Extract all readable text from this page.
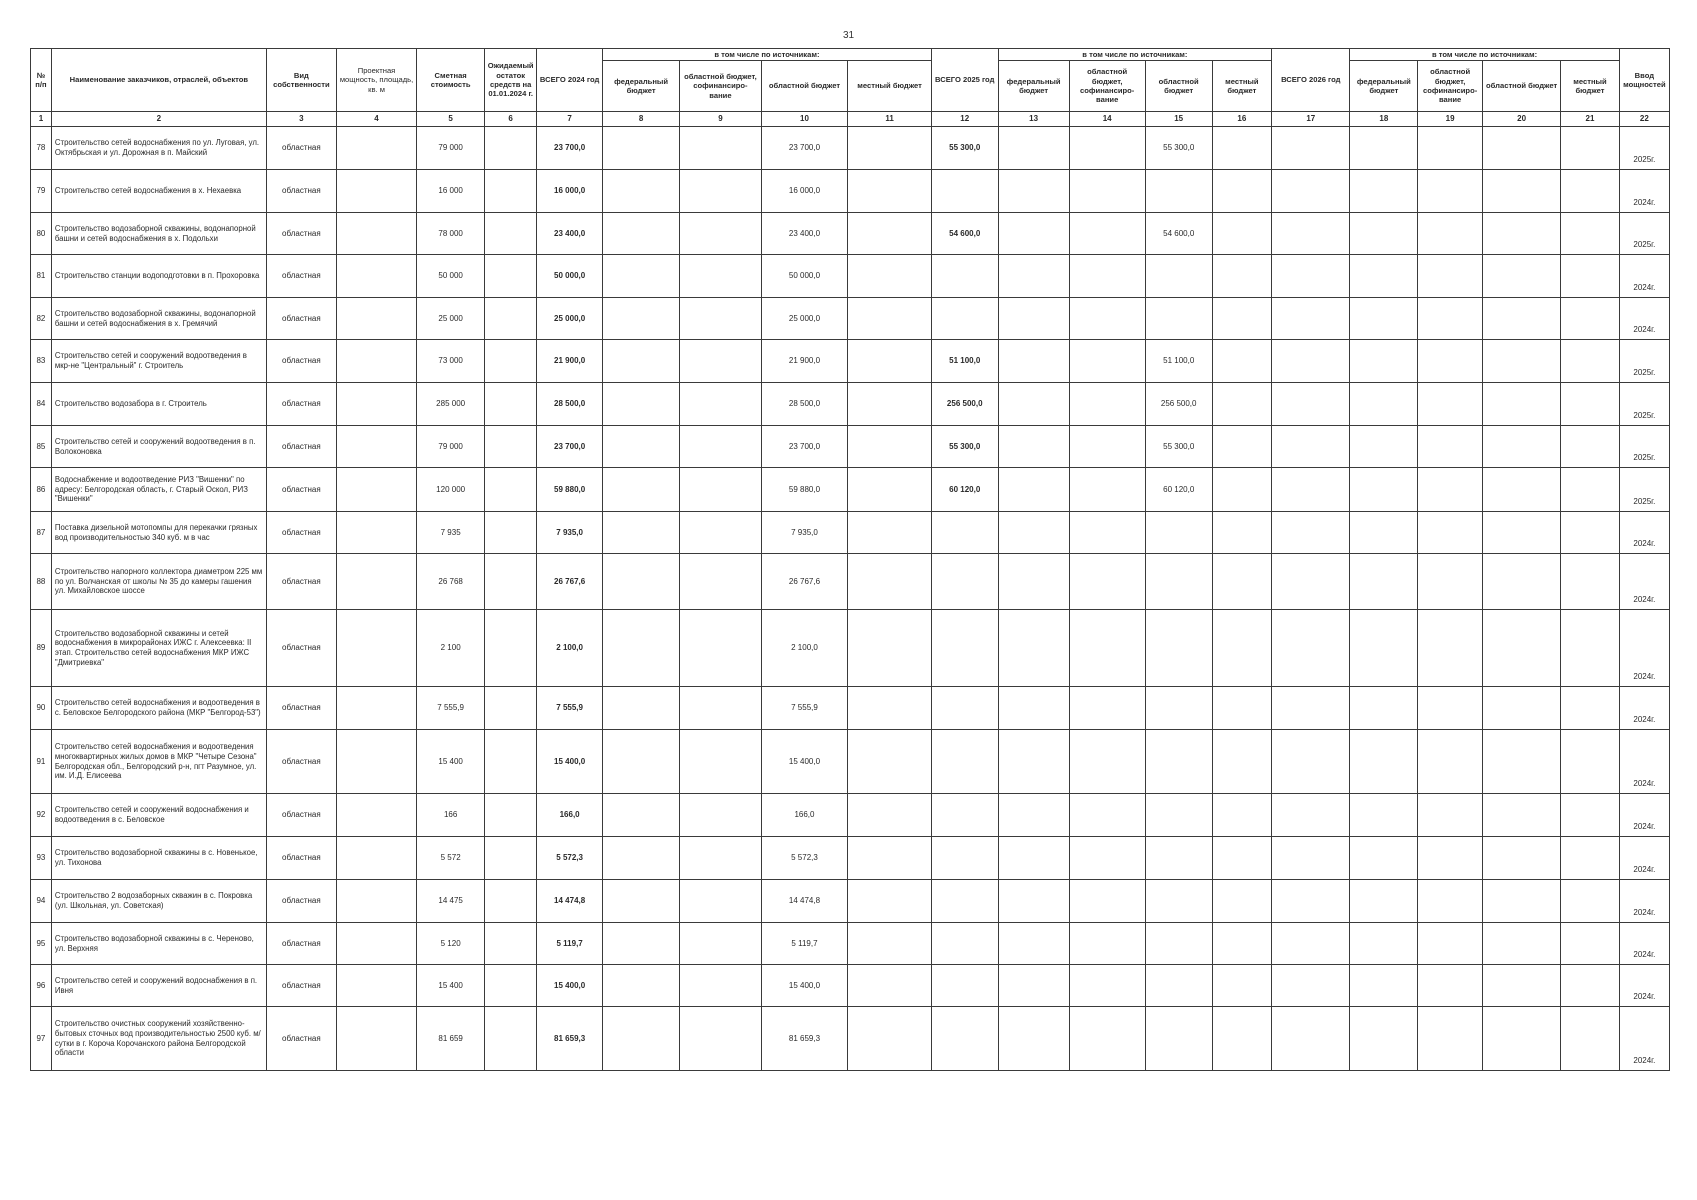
31
№ п/п	Наименование заказчиков, отраслей, объектов	Вид собственности	Проектная мощность, площадь, кв. м	Сметная стоимость	Ожидаемый остаток средств на 01.01.2024 г.	ВСЕГО 2024 год	в том числе по источникам:				ВСЕГО 2025 год	в том числе по источникам:				ВСЕГО 2026 год	в том числе по источникам:				Ввод мощностей
							федеральный бюджет	областной бюджет, софинансиро- вание	областной бюджет	местный бюджет		федеральный бюджет	областной бюджет, софинансиро- вание	областной бюджет	местный бюджет		федеральный бюджет	областной бюджет, софинансиро- вание	областной бюджет	местный бюджет	
1	2	3	4	5	6	7	8	9	10	11	12	13	14	15	16	17	18	19	20	21	22
78	Строительство сетей водоснабжения по ул. Луговая, ул. Октябрьская и ул. Дорожная в п. Майский	областная		79 000		23 700,0			23 700,0		55 300,0			55 300,0							2025г.
79	Строительство сетей водоснабжения в х. Нехаевка	областная		16 000		16 000,0			16 000,0												2024г.
80	Строительство водозаборной скважины, водонапорной башни и сетей водоснабжения в х. Подольхи	областная		78 000		23 400,0			23 400,0		54 600,0			54 600,0							2025г.
81	Строительство станции водоподготовки в п. Прохоровка	областная		50 000		50 000,0			50 000,0												2024г.
82	Строительство водозаборной скважины, водонапорной башни и сетей водоснабжения в х. Гремячий	областная		25 000		25 000,0			25 000,0												2024г.
83	Строительство сетей и сооружений водоотведения в мкр-не "Центральный" г. Строитель	областная		73 000		21 900,0			21 900,0		51 100,0			51 100,0							2025г.
84	Строительство водозабора в г. Строитель	областная		285 000		28 500,0			28 500,0		256 500,0			256 500,0							2025г.
85	Строительство сетей и сооружений водоотведения в п. Волоконовка	областная		79 000		23 700,0			23 700,0		55 300,0			55 300,0							2025г.
86	Водоснабжение и водоотведение РИЗ "Вишенки" по адресу: Белгородская область, г. Старый Оскол, РИЗ "Вишенки"	областная		120 000		59 880,0			59 880,0		60 120,0			60 120,0							2025г.
87	Поставка дизельной мотопомпы для перекачки грязных вод производительностью 340 куб. м в час	областная		7 935		7 935,0			7 935,0												2024г.
88	Строительство напорного коллектора диаметром 225 мм по ул. Волчанская от школы № 35 до камеры гашения ул. Михайловское шоссе	областная		26 768		26 767,6			26 767,6												2024г.
89	Строительство водозаборной скважины и сетей водоснабжения в микрорайонах ИЖС г. Алексеевка: II этап. Строительство сетей водоснабжения МКР ИЖС "Дмитриевка"	областная		2 100		2 100,0			2 100,0												2024г.
90	Строительство сетей водоснабжения и водоотведения в с. Беловское Белгородского района (МКР "Белгород-53")	областная		7 555,9		7 555,9			7 555,9												2024г.
91	Строительство сетей водоснабжения и водоотведения многоквартирных жилых домов в МКР "Четыре Сезона" Белгородская обл., Белгородский р-н, пгт Разумное, ул. им. И.Д. Елисеева	областная		15 400		15 400,0			15 400,0												2024г.
92	Строительство сетей и сооружений водоснабжения и водоотведения в с. Беловское	областная		166		166,0			166,0												2024г.
93	Строительство водозаборной скважины в с. Новенькое, ул. Тихонова	областная		5 572		5 572,3			5 572,3												2024г.
94	Строительство 2 водозаборных скважин в с. Покровка (ул. Школьная, ул. Советская)	областная		14 475		14 474,8			14 474,8												2024г.
95	Строительство водозаборной скважины в с. Череново, ул. Верхняя	областная		5 120		5 119,7			5 119,7												2024г.
96	Строительство сетей и сооружений водоснабжения в п. Ивня	областная		15 400		15 400,0			15 400,0												2024г.
97	Строительство очистных сооружений хозяйственно-бытовых сточных вод производительностью 2500 куб. м/сутки в г. Короча Корочанского района Белгородской области	областная		81 659		81 659,3			81 659,3												2024г.
